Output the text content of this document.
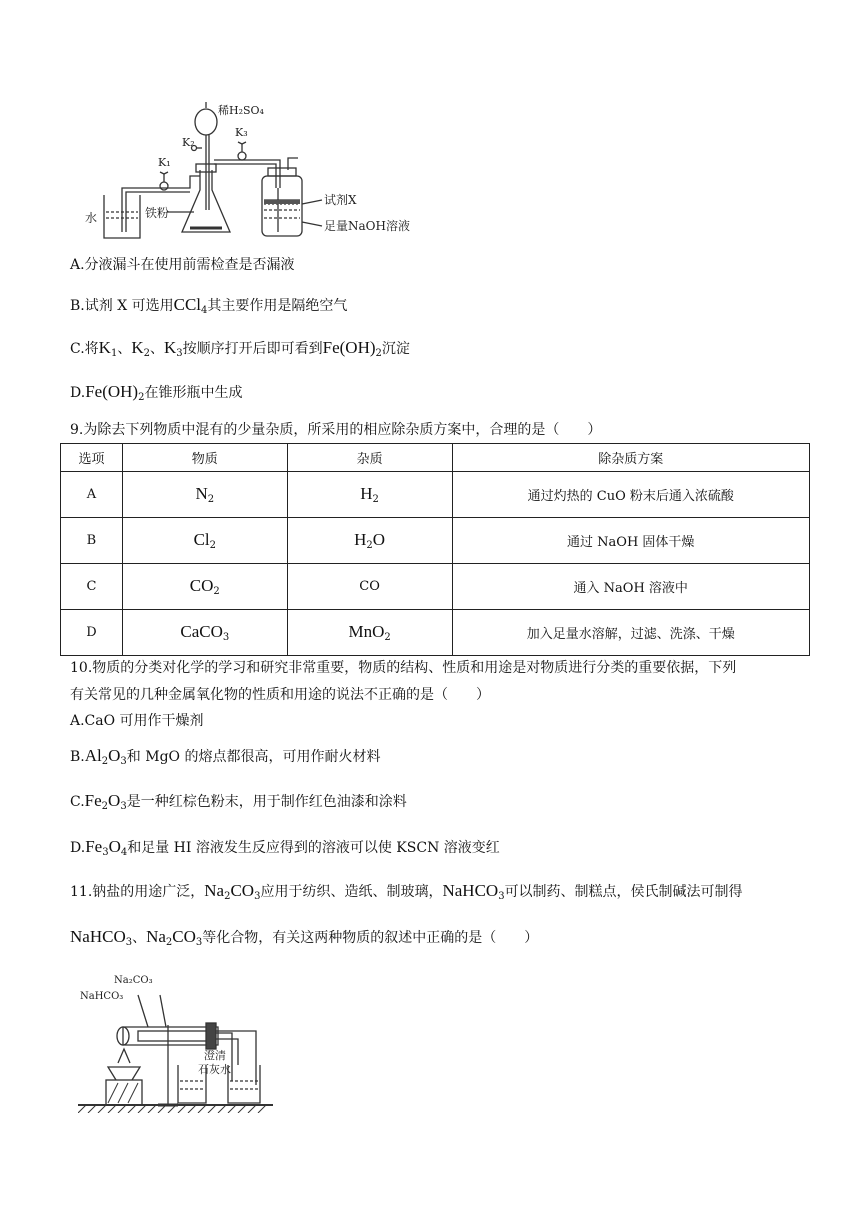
稀H₂SO₄
K₂
K₃
K₁
水	铁粉
试剂X
足量NaOH溶液
A.分液漏斗在使用前需检查是否漏液
B.试剂 X 可选用CCl$_4$其主要作用是隔绝空气
C.将$K_1$、$K_2$、$K_3$按顺序打开后即可看到$Fe(OH)_2$沉淀
$D.Fe(OH)_2$在锥形瓶中生成
9.为除去下列物质中混有的少量杂质，所采用的相应除杂质方案中，合理的是（　　）
选项	物质	杂质	除杂质方案
A	$N_2$	$H_2$	通过灼热的 CuO 粉末后通入浓硫酸
B	$Cl_2$	$H_2O$	通过 NaOH 固体干燥
C	$CO_2$	CO	通入 NaOH 溶液中
D	CaCO$_3$	MnO$_2$	加入足量水溶解，过滤、洗涤、干燥
10.物质的分类对化学的学习和研究非常重要，物质的结构、性质和用途是对物质进行分类的重要依据，下列
有关常见的几种金属氧化物的性质和用途的说法不正确的是（　　）
A.CaO 可用作干燥剂
$B.Al_2O_3$和 MgO 的熔点都很高，可用作耐火材料
$C.Fe_2O_3$是一种红棕色粉末，用于制作红色油漆和涂料
$D.Fe_3O_4$和足量 HI 溶液发生反应得到的溶液可以使 KSCN 溶液变红
11.钠盐的用途广泛，$Na_2CO_3$应用于纺织、造纸、制玻璃，NaHCO$_3$可以制药、制糕点，侯氏制碱法可制得
NaHCO$_3$、$Na_2CO_3$等化合物，有关这两种物质的叙述中正确的是（　　）
Na₂CO₃
NaHCO₃
澄清
石灰水
